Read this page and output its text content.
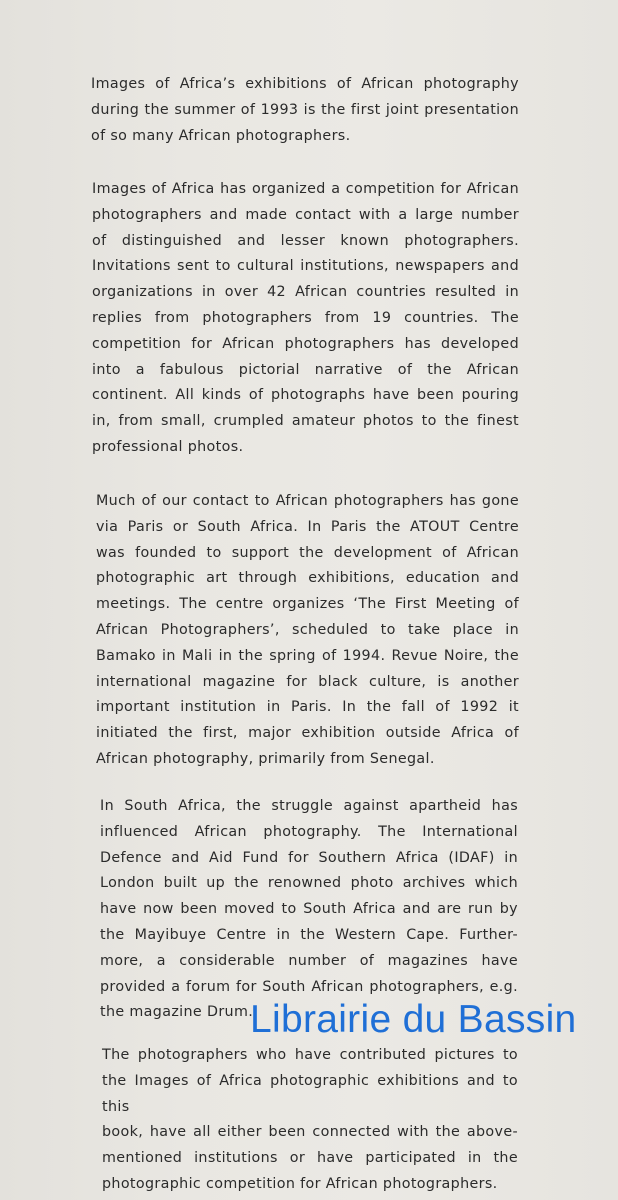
Images of Africa’s exhibitions of African photography
during the summer of 1993 is the first joint presentation
of so many African photographers.
Images of Africa has organized a competition for African
photographers and made contact with a large number
of distinguished and lesser known photographers.
Invitations sent to cultural institutions, newspapers and
organizations in over 42 African countries resulted in
replies from photographers from 19 countries. The
competition for African photographers has developed
into a fabulous pictorial narrative of the African
continent. All kinds of photographs have been pouring
in, from small, crumpled amateur photos to the finest
professional photos.
Much of our contact to African photographers has gone
via Paris or South Africa. In Paris the ATOUT Centre
was founded to support the development of African
photographic art through exhibitions, education and
meetings. The centre organizes ‘The First Meeting of
African Photographers’, scheduled to take place in
Bamako in Mali in the spring of 1994. Revue Noire, the
international magazine for black culture, is another
important institution in Paris. In the fall of 1992 it
initiated the first, major exhibition outside Africa of
African photography, primarily from Senegal.
In South Africa, the struggle against apartheid has
influenced African photography. The International
Defence and Aid Fund for Southern Africa (IDAF) in
London built up the renowned photo archives which
have now been moved to South Africa and are run by
the Mayibuye Centre in the Western Cape. Further-
more, a considerable number of magazines have
provided a forum for South African photographers, e.g.
the magazine Drum.
The photographers who have contributed pictures to
the Images of Africa photographic exhibitions and to this
book, have all either been connected with the above-
mentioned institutions or have participated in the
photographic competition for African photographers.
Librairie du Bassin
